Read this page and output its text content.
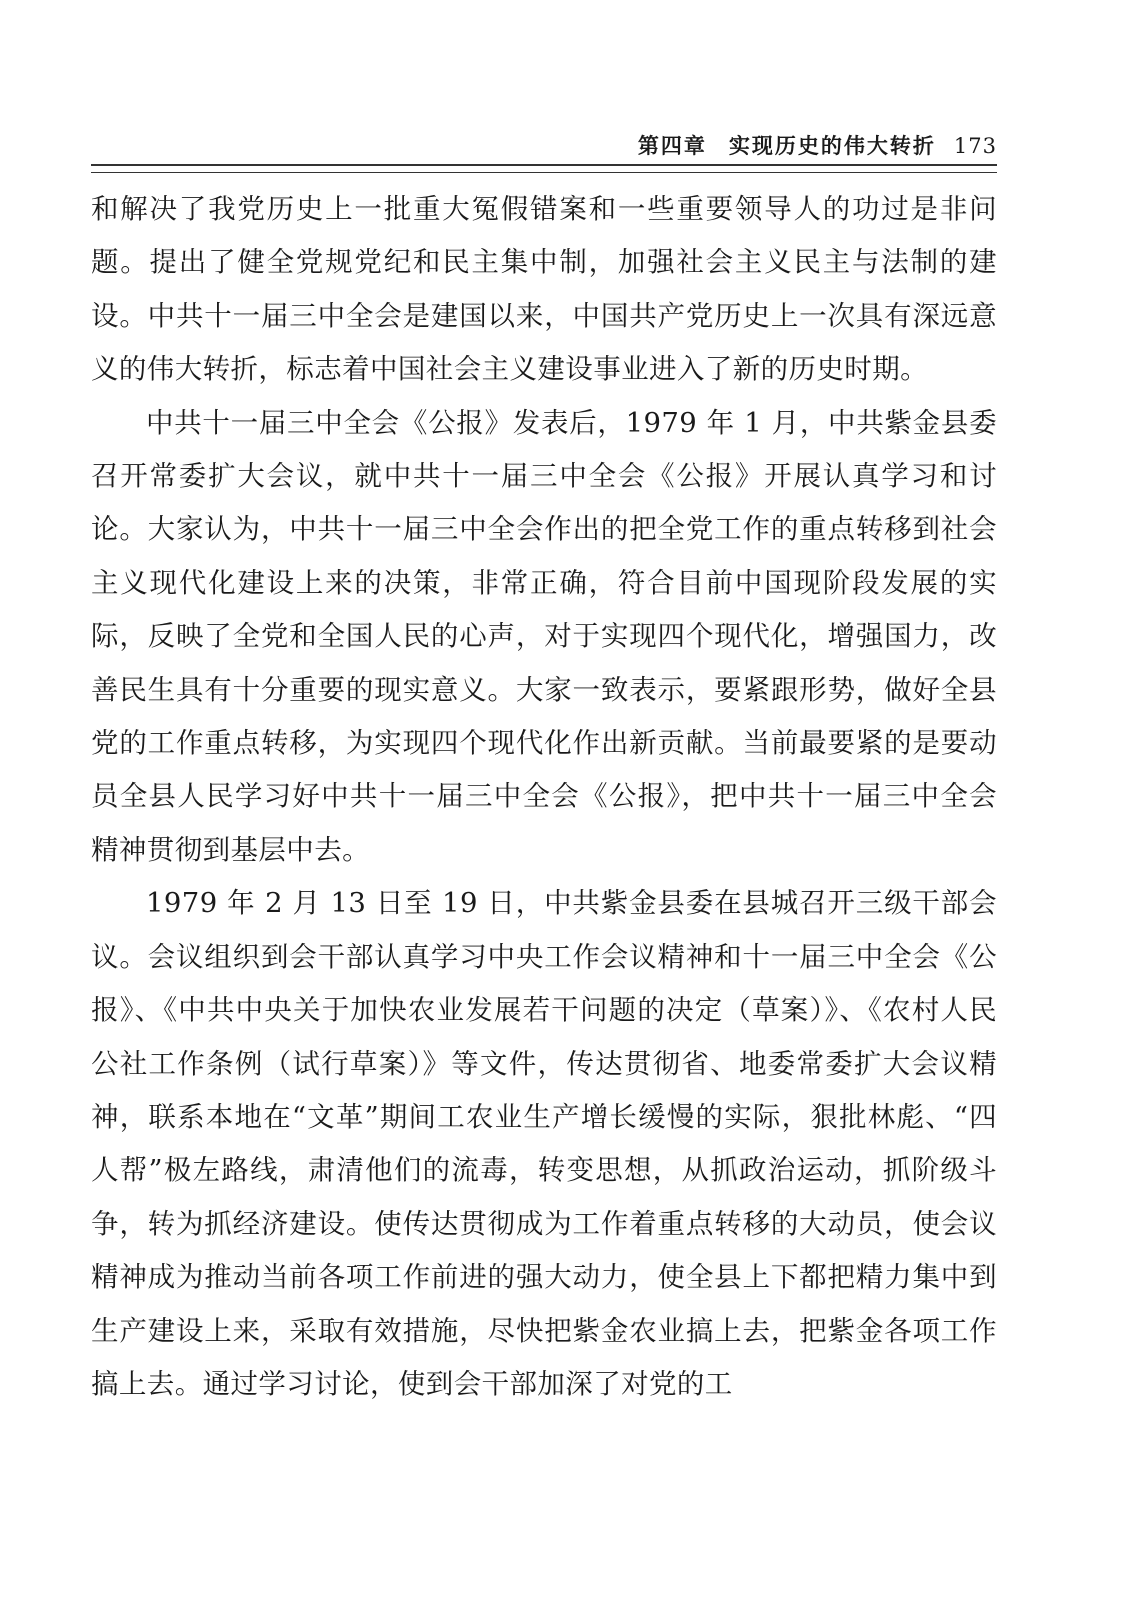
第四章 实现历史的伟大转折 173

和解决了我党历史上一批重大冤假错案和一些重要领导人的功过是非问题。提出了健全党规党纪和民主集中制，加强社会主义民主与法制的建设。中共十一届三中全会是建国以来，中国共产党历史上一次具有深远意义的伟大转折，标志着中国社会主义建设事业进入了新的历史时期。

中共十一届三中全会《公报》发表后，1979 年 1 月，中共紫金县委召开常委扩大会议，就中共十一届三中全会《公报》开展认真学习和讨论。大家认为，中共十一届三中全会作出的把全党工作的重点转移到社会主义现代化建设上来的决策，非常正确，符合目前中国现阶段发展的实际，反映了全党和全国人民的心声，对于实现四个现代化，增强国力，改善民生具有十分重要的现实意义。大家一致表示，要紧跟形势，做好全县党的工作重点转移，为实现四个现代化作出新贡献。当前最要紧的是要动员全县人民学习好中共十一届三中全会《公报》，把中共十一届三中全会精神贯彻到基层中去。

1979 年 2 月 13 日至 19 日，中共紫金县委在县城召开三级干部会议。会议组织到会干部认真学习中央工作会议精神和十一届三中全会《公报》、《中共中央关于加快农业发展若干问题的决定（草案）》、《农村人民公社工作条例（试行草案）》等文件，传达贯彻省、地委常委扩大会议精神，联系本地在“文革”期间工农业生产增长缓慢的实际，狠批林彪、“四人帮”极左路线，肃清他们的流毒，转变思想，从抓政治运动，抓阶级斗争，转为抓经济建设。使传达贯彻成为工作着重点转移的大动员，使会议精神成为推动当前各项工作前进的强大动力，使全县上下都把精力集中到生产建设上来，采取有效措施，尽快把紫金农业搞上去，把紫金各项工作搞上去。通过学习讨论，使到会干部加深了对党的工
